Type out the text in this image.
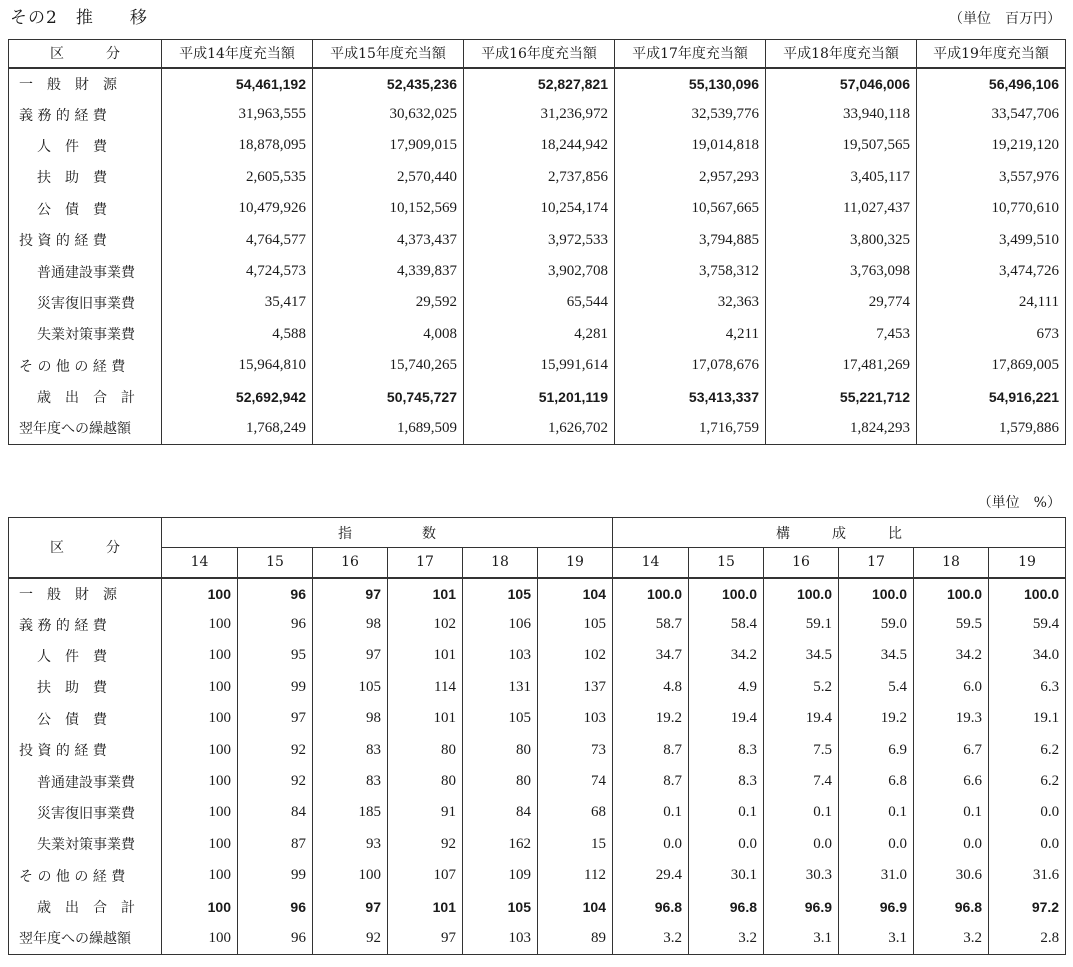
その2　推　　移	（単位　百万円）
区　　　分	平成14年度充当額	平成15年度充当額	平成16年度充当額	平成17年度充当額	平成18年度充当額	平成19年度充当額
一　般　財　源	54,461,192	52,435,236	52,827,821	55,130,096	57,046,006	56,496,106
義 務 的 経 費	31,963,555	30,632,025	31,236,972	32,539,776	33,940,118	33,547,706
人　件　費	18,878,095	17,909,015	18,244,942	19,014,818	19,507,565	19,219,120
扶　助　費	2,605,535	2,570,440	2,737,856	2,957,293	3,405,117	3,557,976
公　債　費	10,479,926	10,152,569	10,254,174	10,567,665	11,027,437	10,770,610
投 資 的 経 費	4,764,577	4,373,437	3,972,533	3,794,885	3,800,325	3,499,510
普通建設事業費	4,724,573	4,339,837	3,902,708	3,758,312	3,763,098	3,474,726
災害復旧事業費	35,417	29,592	65,544	32,363	29,774	24,111
失業対策事業費	4,588	4,008	4,281	4,211	7,453	673
そ の 他 の 経 費	15,964,810	15,740,265	15,991,614	17,078,676	17,481,269	17,869,005
歳　出　合　計	52,692,942	50,745,727	51,201,119	53,413,337	55,221,712	54,916,221
翌年度への繰越額	1,768,249	1,689,509	1,626,702	1,716,759	1,824,293	1,579,886
（単位　%）
区　　　分	指　　　　　数						構　　　成　　　比					
	14	15	16	17	18	19	14	15	16	17	18	19
一　般　財　源	100	96	97	101	105	104	100.0	100.0	100.0	100.0	100.0	100.0
義 務 的 経 費	100	96	98	102	106	105	58.7	58.4	59.1	59.0	59.5	59.4
人　件　費	100	95	97	101	103	102	34.7	34.2	34.5	34.5	34.2	34.0
扶　助　費	100	99	105	114	131	137	4.8	4.9	5.2	5.4	6.0	6.3
公　債　費	100	97	98	101	105	103	19.2	19.4	19.4	19.2	19.3	19.1
投 資 的 経 費	100	92	83	80	80	73	8.7	8.3	7.5	6.9	6.7	6.2
普通建設事業費	100	92	83	80	80	74	8.7	8.3	7.4	6.8	6.6	6.2
災害復旧事業費	100	84	185	91	84	68	0.1	0.1	0.1	0.1	0.1	0.0
失業対策事業費	100	87	93	92	162	15	0.0	0.0	0.0	0.0	0.0	0.0
そ の 他 の 経 費	100	99	100	107	109	112	29.4	30.1	30.3	31.0	30.6	31.6
歳　出　合　計	100	96	97	101	105	104	96.8	96.8	96.9	96.9	96.8	97.2
翌年度への繰越額	100	96	92	97	103	89	3.2	3.2	3.1	3.1	3.2	2.8
